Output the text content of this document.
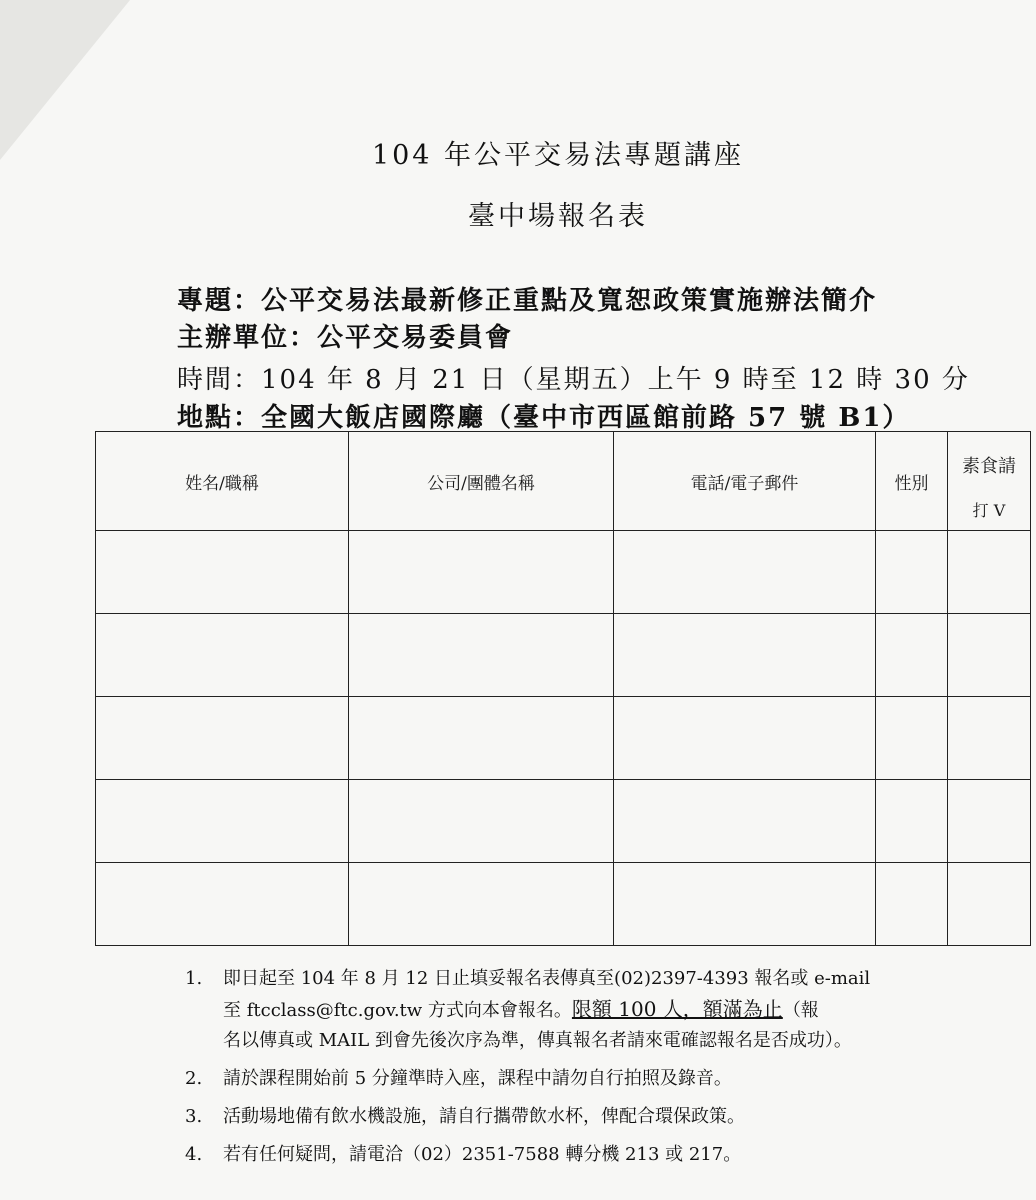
104 年公平交易法專題講座
臺中場報名表
專題：公平交易法最新修正重點及寬恕政策實施辦法簡介
主辦單位：公平交易委員會
時間：104 年 8 月 21 日（星期五）上午 9 時至 12 時 30 分
地點：全國大飯店國際廳（臺中市西區館前路 57 號 B1）
姓名/職稱	公司/團體名稱	電話/電子郵件	性別	素食請
打 V

1. 即日起至 104 年 8 月 12 日止填妥報名表傳真至(02)2397-4393 報名或 e-mail
至 ftcclass@ftc.gov.tw 方式向本會報名。限額 100 人，額滿為止（報
名以傳真或 MAIL 到會先後次序為準，傳真報名者請來電確認報名是否成功）。
2. 請於課程開始前 5 分鐘準時入座，課程中請勿自行拍照及錄音。
3. 活動場地備有飲水機設施，請自行攜帶飲水杯，俾配合環保政策。
4. 若有任何疑問，請電洽（02）2351-7588 轉分機 213 或 217。
